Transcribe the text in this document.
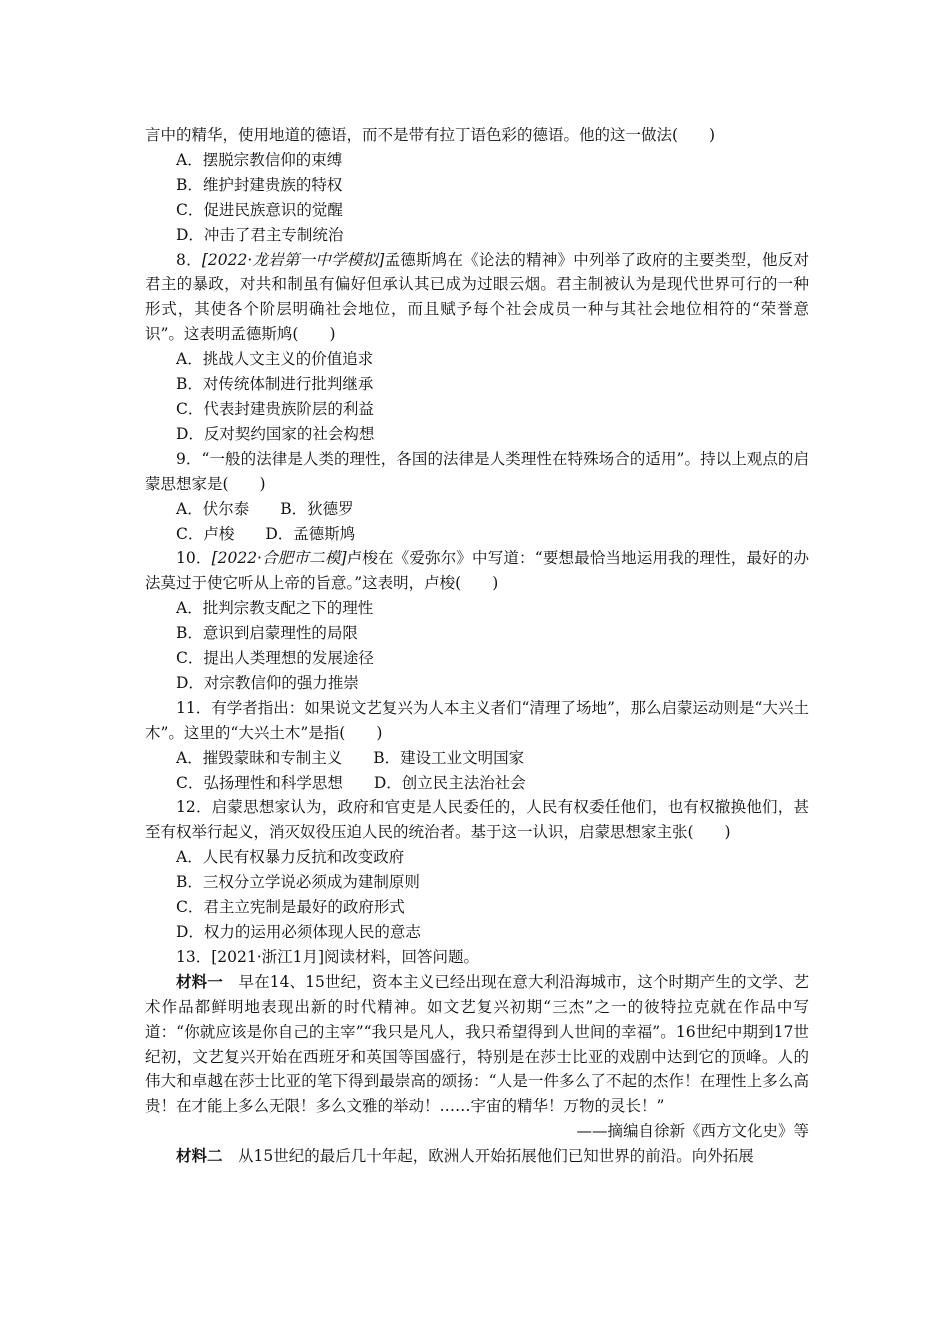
言中的精华，使用地道的德语，而不是带有拉丁语色彩的德语。他的这一做法(　　)

A．摆脱宗教信仰的束缚

B．维护封建贵族的特权

C．促进民族意识的觉醒

D．冲击了君主专制统治

8．[2022·龙岩第一中学模拟]孟德斯鸠在《论法的精神》中列举了政府的主要类型，他反对君主的暴政，对共和制虽有偏好但承认其已成为过眼云烟。君主制被认为是现代世界可行的一种形式，其使各个阶层明确社会地位，而且赋予每个社会成员一种与其社会地位相符的“荣誉意识”。这表明孟德斯鸠(　　)

A．挑战人文主义的价值追求

B．对传统体制进行批判继承

C．代表封建贵族阶层的利益

D．反对契约国家的社会构想

9．“一般的法律是人类的理性，各国的法律是人类理性在特殊场合的适用”。持以上观点的启蒙思想家是(　　)

A．伏尔泰　　B．狄德罗

C．卢梭　　D．孟德斯鸠

10．[2022·合肥市二模]卢梭在《爱弥尔》中写道：“要想最恰当地运用我的理性，最好的办法莫过于使它听从上帝的旨意。”这表明，卢梭(　　)

A．批判宗教支配之下的理性

B．意识到启蒙理性的局限

C．提出人类理想的发展途径

D．对宗教信仰的强力推崇

11．有学者指出：如果说文艺复兴为人本主义者们“清理了场地”，那么启蒙运动则是“大兴土木”。这里的“大兴土木”是指(　　)

A．摧毁蒙昧和专制主义　　B．建设工业文明国家

C．弘扬理性和科学思想　　D．创立民主法治社会

12．启蒙思想家认为，政府和官吏是人民委任的，人民有权委任他们，也有权撤换他们，甚至有权举行起义，消灭奴役压迫人民的统治者。基于这一认识，启蒙思想家主张(　　)

A．人民有权暴力反抗和改变政府

B．三权分立学说必须成为建制原则

C．君主立宪制是最好的政府形式

D．权力的运用必须体现人民的意志

13．[2021·浙江1月]阅读材料，回答问题。

材料一　早在14、15世纪，资本主义已经出现在意大利沿海城市，这个时期产生的文学、艺术作品都鲜明地表现出新的时代精神。如文艺复兴初期“三杰”之一的彼特拉克就在作品中写道：“你就应该是你自己的主宰”“我只是凡人，我只希望得到人世间的幸福”。16世纪中期到17世纪初，文艺复兴开始在西班牙和英国等国盛行，特别是在莎士比亚的戏剧中达到它的顶峰。人的伟大和卓越在莎士比亚的笔下得到最崇高的颂扬：“人是一件多么了不起的杰作！在理性上多么高贵！在才能上多么无限！多么文雅的举动！……宇宙的精华！万物的灵长！”

——摘编自徐新《西方文化史》等

材料二　从15世纪的最后几十年起，欧洲人开始拓展他们已知世界的前沿。向外拓展
